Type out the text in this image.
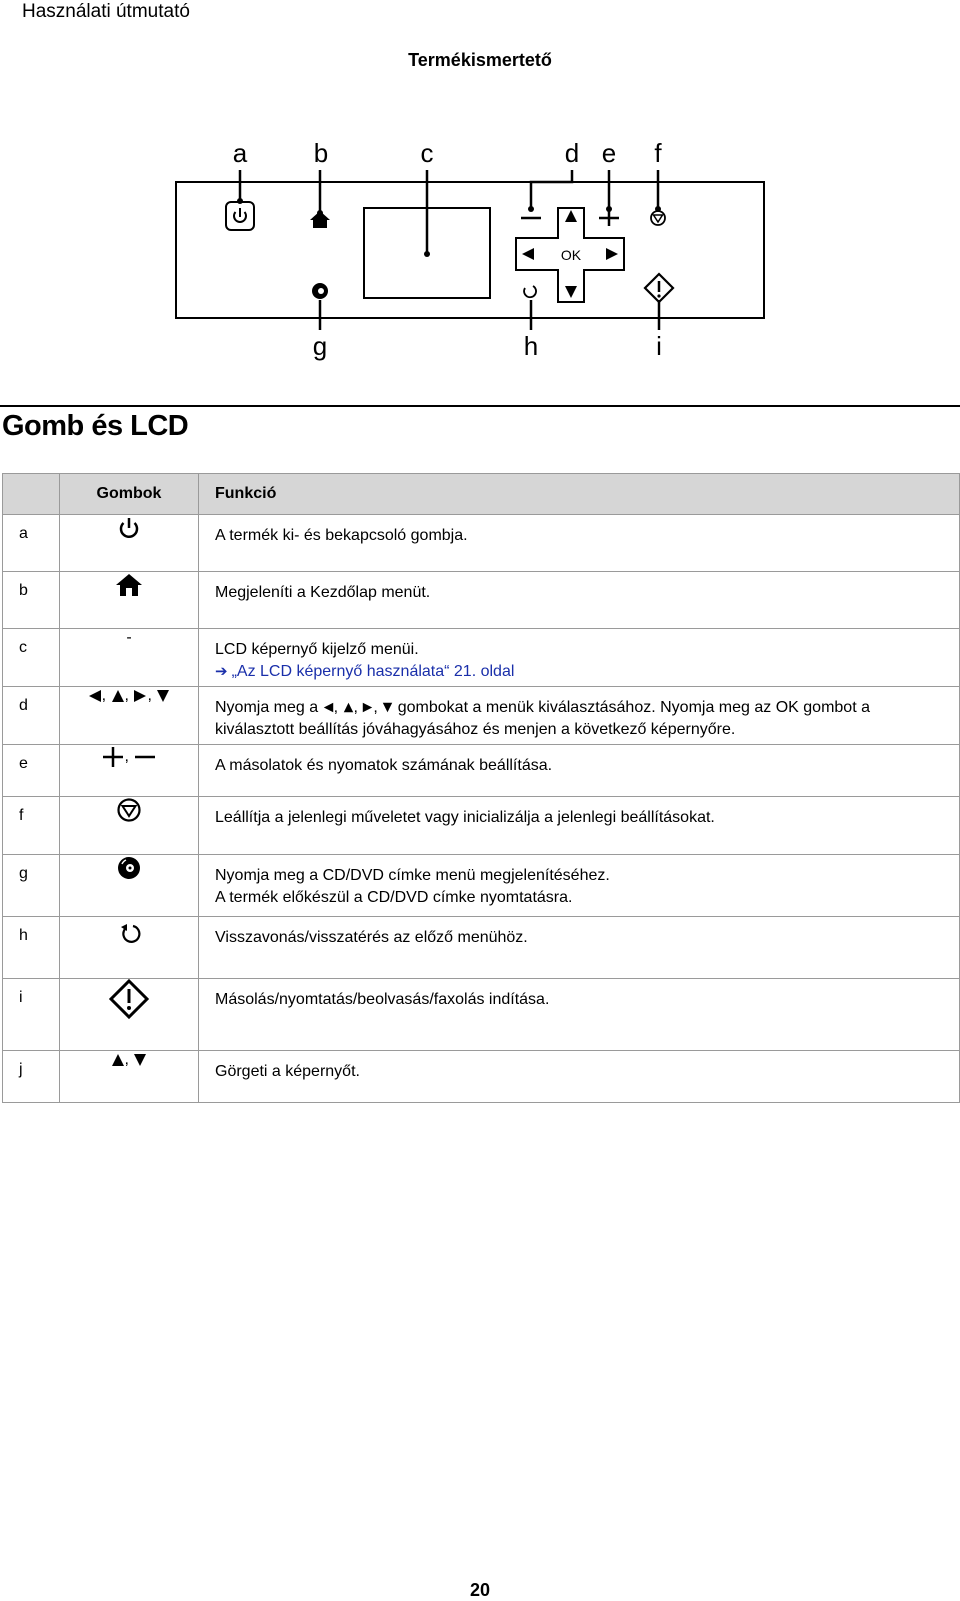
Használati útmutató
Termékismertető
a	b	c	d e f
g	h	i
OK
Gomb és LCD
	Gombok	Funkció
a		A termék ki- és bekapcsoló gombja.
b		Megjeleníti a Kezdőlap menüt.
c	-	LCD képernyő kijelző menüi.
➔ „Az LCD képernyő használata“ 21. oldal

d	, , ,	Nyomja meg a , , ,  gombokat a menük kiválasztásához. Nyomja meg az OK gombot a kiválasztott beállítás jóváhagyásához és menjen a következő képernyőre.
e	,	A másolatok és nyomatok számának beállítása.
f		Leállítja a jelenlegi műveletet vagy inicializálja a jelenlegi beállításokat.
g		Nyomja meg a CD/DVD címke menü megjelenítéséhez.
A termék előkészül a CD/DVD címke nyomtatásra.

h		Visszavonás/visszatérés az előző menühöz.
i		Másolás/nyomtatás/beolvasás/faxolás indítása.
j	,	Görgeti a képernyőt.
20
